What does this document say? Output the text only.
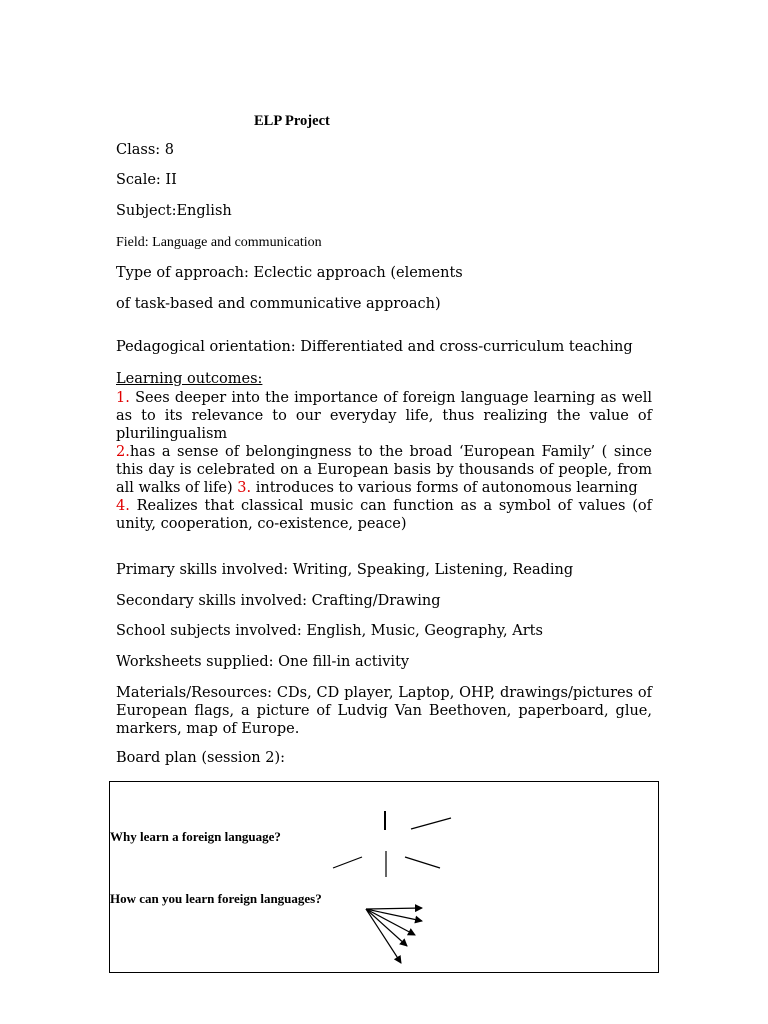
ELP Project
Class: 8
Scale: II
Subject:English
Field: Language and communication
Type of approach: Eclectic approach (elements
of task-based and communicative approach)
Pedagogical orientation: Differentiated and cross-curriculum teaching
Learning outcomes:
1. Sees deeper into the importance of foreign language learning as well as to its relevance to our everyday life, thus realizing the value of plurilingualism
2.has a sense of belongingness to the broad ‘European Family’ ( since this day is celebrated on a European basis by thousands of people, from all walks of life) 3. introduces to various forms of autonomous learning
4. Realizes that classical music can function as a symbol of values (of unity, cooperation, co-existence, peace)
Primary skills involved: Writing, Speaking, Listening, Reading
Secondary skills involved: Crafting/Drawing
School subjects involved: English, Music, Geography, Arts
Worksheets supplied: One fill-in activity
Materials/Resources: CDs, CD player, Laptop, OHP, drawings/pictures of European flags, a picture of Ludvig Van Beethoven, paperboard, glue, markers, map of Europe.
Board plan (session 2):
Why learn a foreign language?
How can you learn foreign languages?
